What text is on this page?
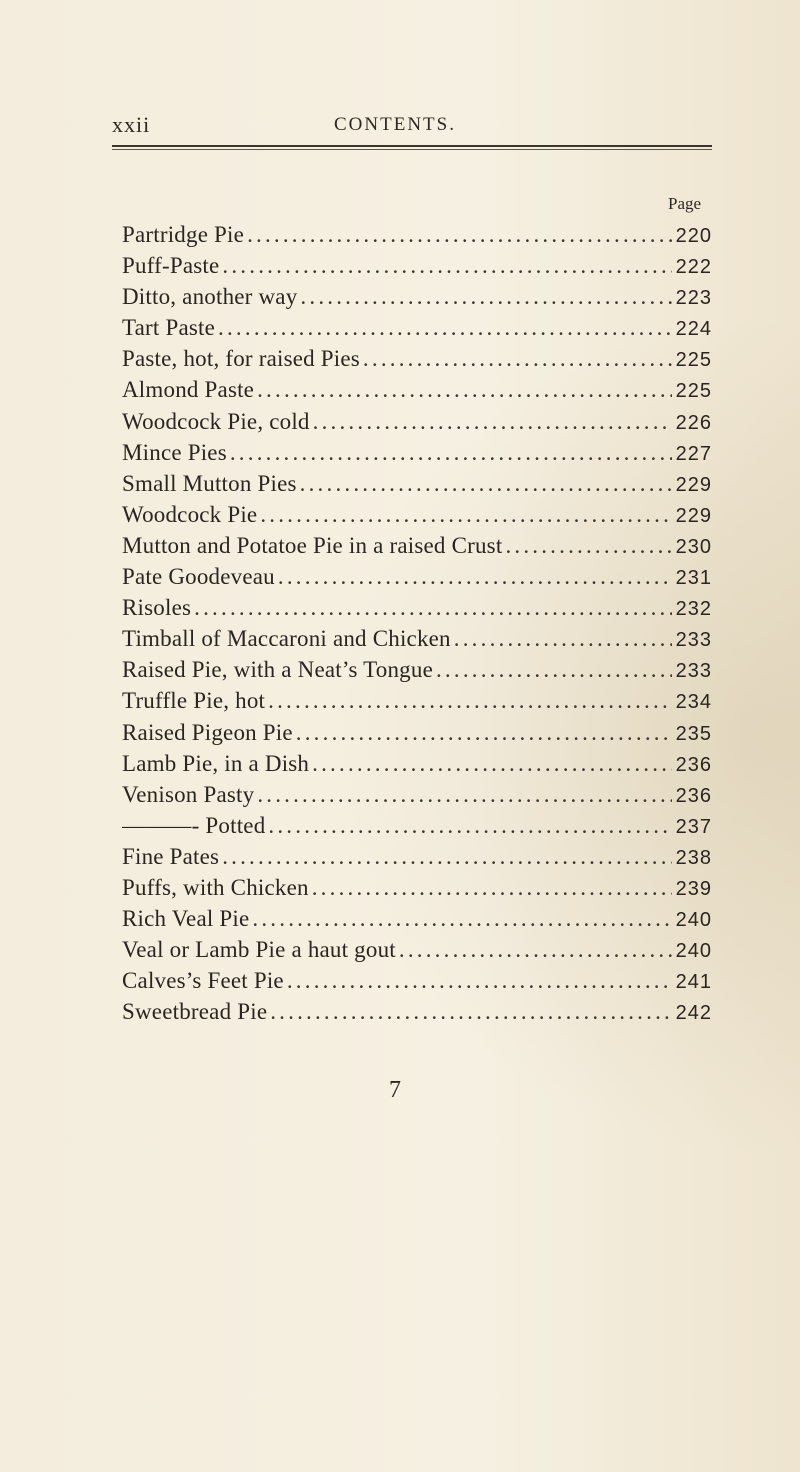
xxii	CONTENTS.
Page
Partridge Pie .....	220
Puff-Paste .....	222
Ditto, another way .....	223
Tart Paste .....	224
Paste, hot, for raised Pies .....	225
Almond Paste .....	225
Woodcock Pie, cold .....	226
Mince Pies .....	227
Small Mutton Pies .....	229
Woodcock Pie .....	229
Mutton and Potatoe Pie in a raised Crust .....	230
Pate Goodeveau .....	231
Risoles .....	232
Timball of Maccaroni and Chicken .....	233
Raised Pie, with a Neat’s Tongue .....	233
Truffle Pie, hot .....	234
Raised Pigeon Pie .....	235
Lamb Pie, in a Dish .....	236
Venison Pasty .....	236
———- Potted .....	237
Fine Pates .....	238
Puffs, with Chicken .....	239
Rich Veal Pie .....	240
Veal or Lamb Pie a haut gout .....	240
Calves’s Feet Pie .....	241
Sweetbread Pie .....	242
7
